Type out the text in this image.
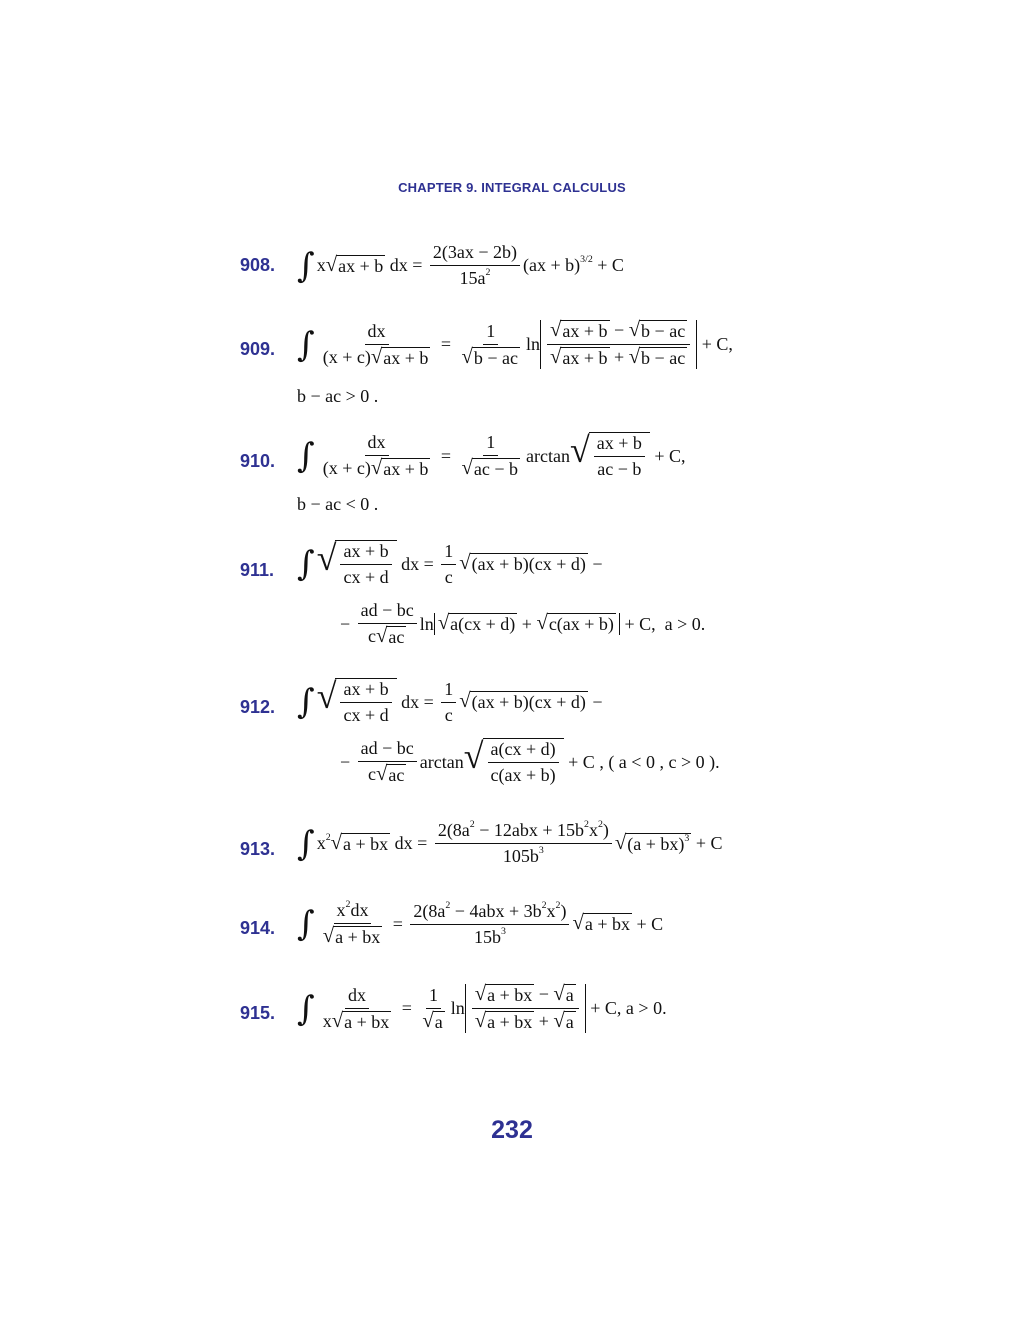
CHAPTER 9. INTEGRAL CALCULUS
908. ∫ x √ ax + b dx = $\frac{2(3ax - 2b)}{15a^2} (ax + b)^{3/2} + C$
909. ∫ $\frac{dx}{(x + c) √ ax + b} = \frac{1}{√ b - ac}$ $\ln \frac{√ ax + b - √ b - ac}{√ ax + b + √ b - ac}$
+ C,
b − ac > 0 .
910. ∫ $\frac{dx}{(x + c) √ ax + b} = \frac{1}{√ ac - b}$ arctan √ $\frac{ax + b}{ac - b}$
+ C,
b − ac < 0 .
911. ∫ √ $\frac{ax + b}{cx + d}$ dx = $\frac{1}{c}$ √ (ax + b)(cx + d) −
− $\frac{ad - bc}{c √ ac}$ ln √ a(cx + d) + √ c(ax + b) + C,  a > 0.
912. ∫ √ $\frac{ax + b}{cx + d}$ dx = $\frac{1}{c}$ √ (ax + b)(cx + d) −
− $\frac{ad - bc}{c √ ac}$ arctan √ $\frac{a(cx + d)}{c(ax + b)}$
+ C , ( a < 0 , c > 0 ).
913. ∫ $x^2$ √ a + bx dx = $\frac{2(8a^2 - 12abx + 15b^2x^2)}{105b^3}$ √ (a + bx)$^3$ + C
914. ∫ $\frac{x^2dx}{√ a + bx} = \frac{2(8a^2 - 4abx + 3b^2x^2)}{15b^3}$ √ a + bx + C
915. ∫ $\frac{dx}{x √ a + bx} = \frac{1}{√ a}$ $\ln \frac{√ a + bx - √ a}{√ a + bx + √ a}$
+ C, a > 0.
232
